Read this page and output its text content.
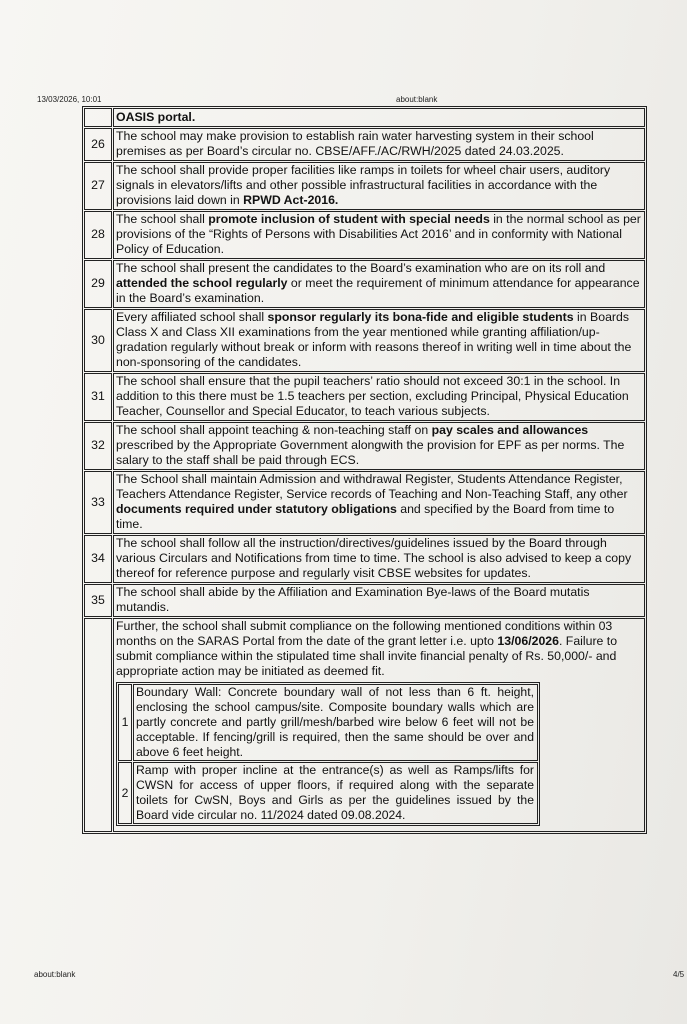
13/03/2026, 10:01	about:blank
	OASIS portal.
26	The school may make provision to establish rain water harvesting system in their school premises as per Board’s circular no. CBSE/AFF./AC/RWH/2025 dated 24.03.2025.
27	The school shall provide proper facilities like ramps in toilets for wheel chair users, auditory signals in elevators/lifts and other possible infrastructural facilities in accordance with the provisions laid down in RPWD Act-2016.
28	The school shall promote inclusion of student with special needs in the normal school as per provisions of the “Rights of Persons with Disabilities Act 2016’ and in conformity with National Policy of Education.
29	The school shall present the candidates to the Board’s examination who are on its roll and attended the school regularly or meet the requirement of minimum attendance for appearance in the Board’s examination.
30	Every affiliated school shall sponsor regularly its bona-fide and eligible students in Boards Class X and Class XII examinations from the year mentioned while granting affiliation/up-gradation regularly without break or inform with reasons thereof in writing well in time about the non-sponsoring of the candidates.
31	The school shall ensure that the pupil teachers’ ratio should not exceed 30:1 in the school. In addition to this there must be 1.5 teachers per section, excluding Principal, Physical Education Teacher, Counsellor and Special Educator, to teach various subjects.
32	The school shall appoint teaching & non-teaching staff on pay scales and allowances prescribed by the Appropriate Government alongwith the provision for EPF as per norms. The salary to the staff shall be paid through ECS.
33	The School shall maintain Admission and withdrawal Register, Students Attendance Register, Teachers Attendance Register, Service records of Teaching and Non-Teaching Staff, any other documents required under statutory obligations and specified by the Board from time to time.
34	The school shall follow all the instruction/directives/guidelines issued by the Board through various Circulars and Notifications from time to time. The school is also advised to keep a copy thereof for reference purpose and regularly visit CBSE websites for updates.
35	The school shall abide by the Affiliation and Examination Bye-laws of the Board mutatis mutandis.

Further, the school shall submit compliance on the following mentioned conditions within 03 months on the SARAS Portal from the date of the grant letter i.e. upto 13/06/2026. Failure to submit compliance within the stipulated time shall invite financial penalty of Rs. 50,000/- and appropriate action may be initiated as deemed fit.
1	Boundary Wall: Concrete boundary wall of not less than 6 ft. height, enclosing the school campus/site. Composite boundary walls which are partly concrete and partly grill/mesh/barbed wire below 6 feet will not be acceptable. If fencing/grill is required, then the same should be over and above 6 feet height.
2	Ramp with proper incline at the entrance(s) as well as Ramps/lifts for CWSN for access of upper floors, if required along with the separate toilets for CwSN, Boys and Girls as per the guidelines issued by the Board vide circular no. 11/2024 dated 09.08.2024.
about:blank	4/5
